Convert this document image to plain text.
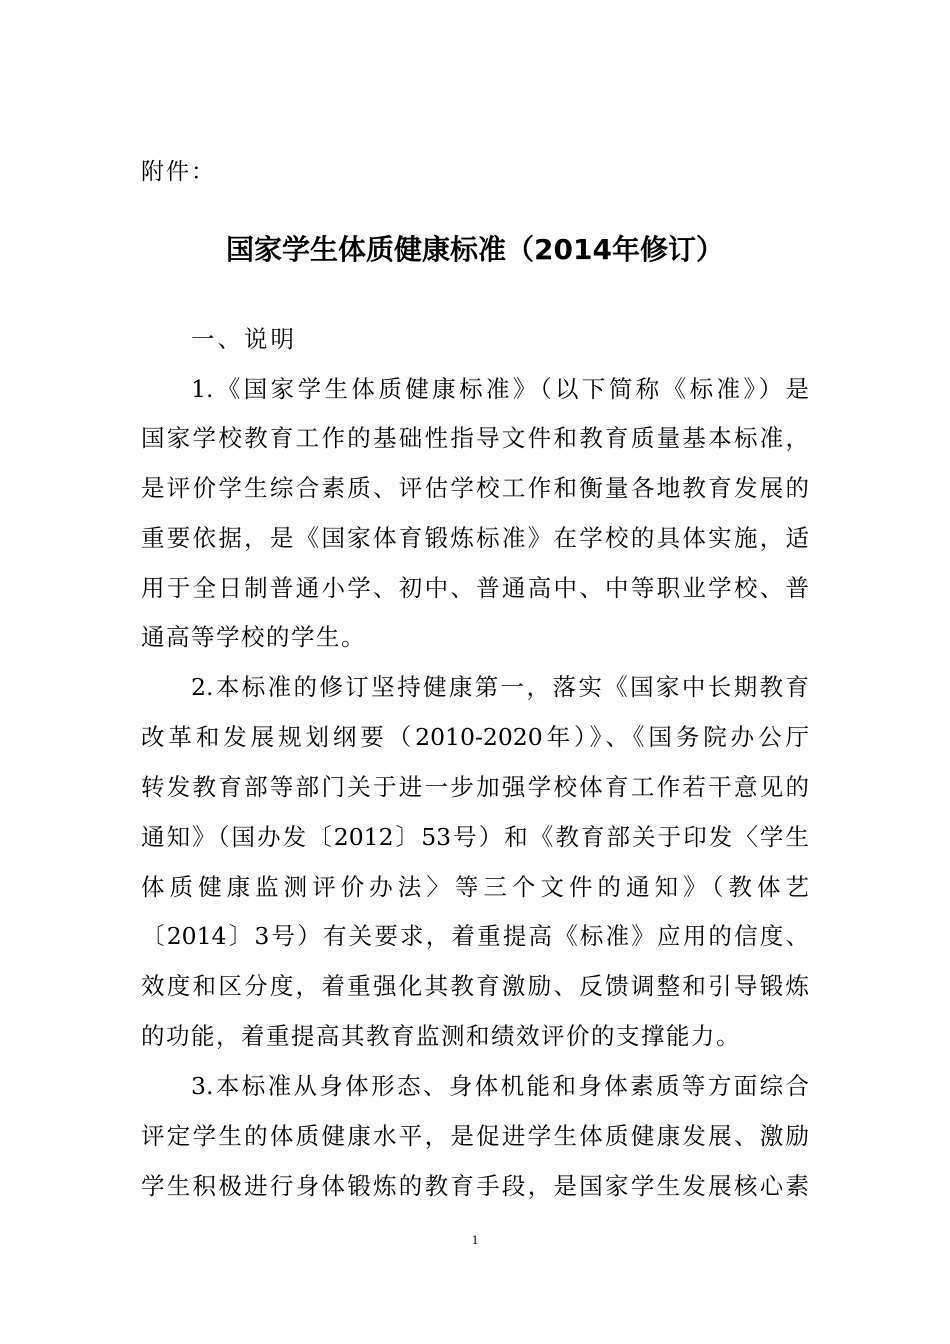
附件：
国家学生体质健康标准（2014年修订）
一、说明
1.《国家学生体质健康标准》（以下简称《标准》）是
国家学校教育工作的基础性指导文件和教育质量基本标准，
是评价学生综合素质、评估学校工作和衡量各地教育发展的
重要依据，是《国家体育锻炼标准》在学校的具体实施，适
用于全日制普通小学、初中、普通高中、中等职业学校、普
通高等学校的学生。
2.本标准的修订坚持健康第一，落实《国家中长期教育
改革和发展规划纲要（2010-2020年）》、《国务院办公厅
转发教育部等部门关于进一步加强学校体育工作若干意见的
通知》（国办发〔2012〕53号）和《教育部关于印发〈学生
体质健康监测评价办法〉等三个文件的通知》（教体艺
〔2014〕3号）有关要求，着重提高《标准》应用的信度、
效度和区分度，着重强化其教育激励、反馈调整和引导锻炼
的功能，着重提高其教育监测和绩效评价的支撑能力。
3.本标准从身体形态、身体机能和身体素质等方面综合
评定学生的体质健康水平，是促进学生体质健康发展、激励
学生积极进行身体锻炼的教育手段，是国家学生发展核心素
1
